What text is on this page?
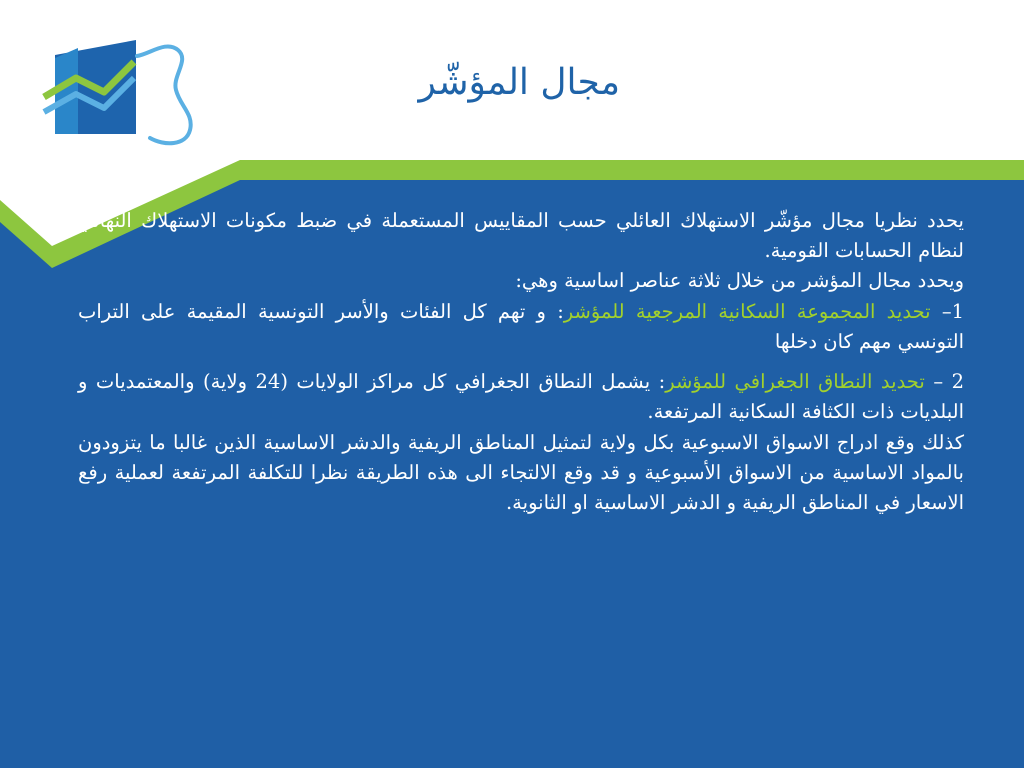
مجال المؤشّر

يحدد نظريا مجال مؤشّر الاستهلاك العائلي حسب المقاييس المستعملة في ضبط مكونات الاستهلاك النهائي لنظام الحسابات القومية.

ويحدد مجال المؤشر من خلال ثلاثة عناصر اساسية وهي:

1– تحديد المجموعة السكانية المرجعية للمؤشر: و تهم كل الفئات والأسر التونسية المقيمة على التراب التونسي مهم كان دخلها

2 – تحديد النطاق الجغرافي للمؤشر: يشمل النطاق الجغرافي كل مراكز الولايات (24 ولاية) والمعتمديات و البلديات ذات الكثافة السكانية المرتفعة.

كذلك وقع ادراج الاسواق الاسبوعية بكل ولاية لتمثيل المناطق الريفية والدشر الاساسية الذين غالبا ما يتزودون بالمواد الاساسية من الاسواق الأسبوعية و قد وقع الالتجاء الى هذه الطريقة نظرا للتكلفة المرتفعة لعملية رفع الاسعار في المناطق الريفية و الدشر الاساسية او الثانوية.
